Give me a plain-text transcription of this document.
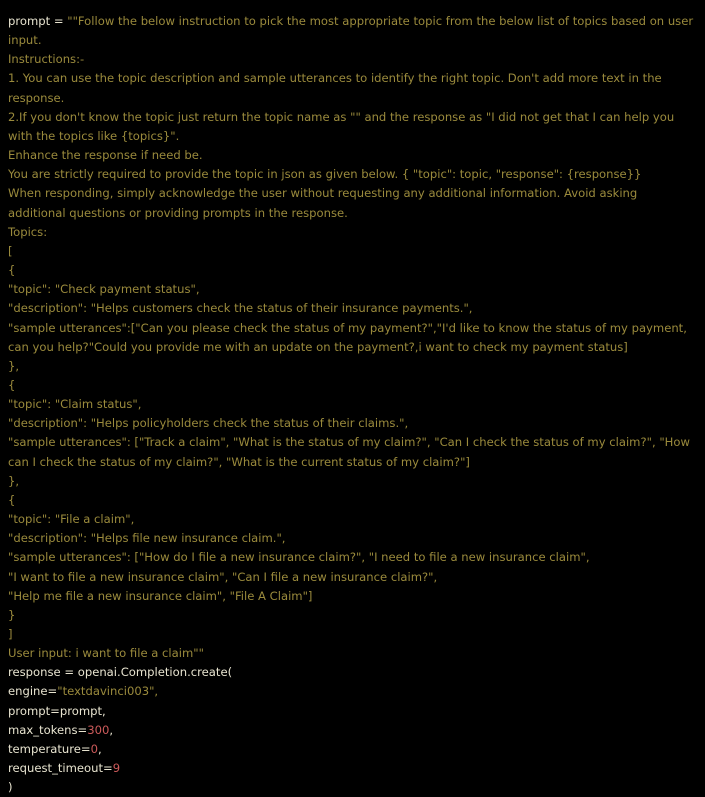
prompt = ""Follow the below instruction to pick the most appropriate topic from the below list of topics based on user input.
Instructions:-
1. You can use the topic description and sample utterances to identify the right topic. Don't add more text in the response.
2.If you don't know the topic just return the topic name as "" and the response as "I did not get that I can help you with the topics like {topics}".
Enhance the response if need be.
You are strictly required to provide the topic in json as given below. { "topic": topic, "response": {response}}
When responding, simply acknowledge the user without requesting any additional information. Avoid asking additional questions or providing prompts in the response.
Topics:
[
{
"topic": "Check payment status",
"description": "Helps customers check the status of their insurance payments.",
"sample utterances":["Can you please check the status of my payment?","I'd like to know the status of my payment, can you help?"Could you provide me with an update on the payment?,i want to check my payment status]
},
{
"topic": "Claim status",
"description": "Helps policyholders check the status of their claims.",
"sample utterances": ["Track a claim", "What is the status of my claim?", "Can I check the status of my claim?", "How can I check the status of my claim?", "What is the current status of my claim?"]
},
{
"topic": "File a claim",
"description": "Helps file new insurance claim.",
"sample utterances": ["How do I file a new insurance claim?", "I need to file a new insurance claim",
"I want to file a new insurance claim", "Can I file a new insurance claim?",
"Help me file a new insurance claim", "File A Claim"]
}
]
User input: i want to file a claim""
response = openai.Completion.create(
engine="textdavinci003",
prompt=prompt,
max_tokens=300,
temperature=0,
request_timeout=9
)
